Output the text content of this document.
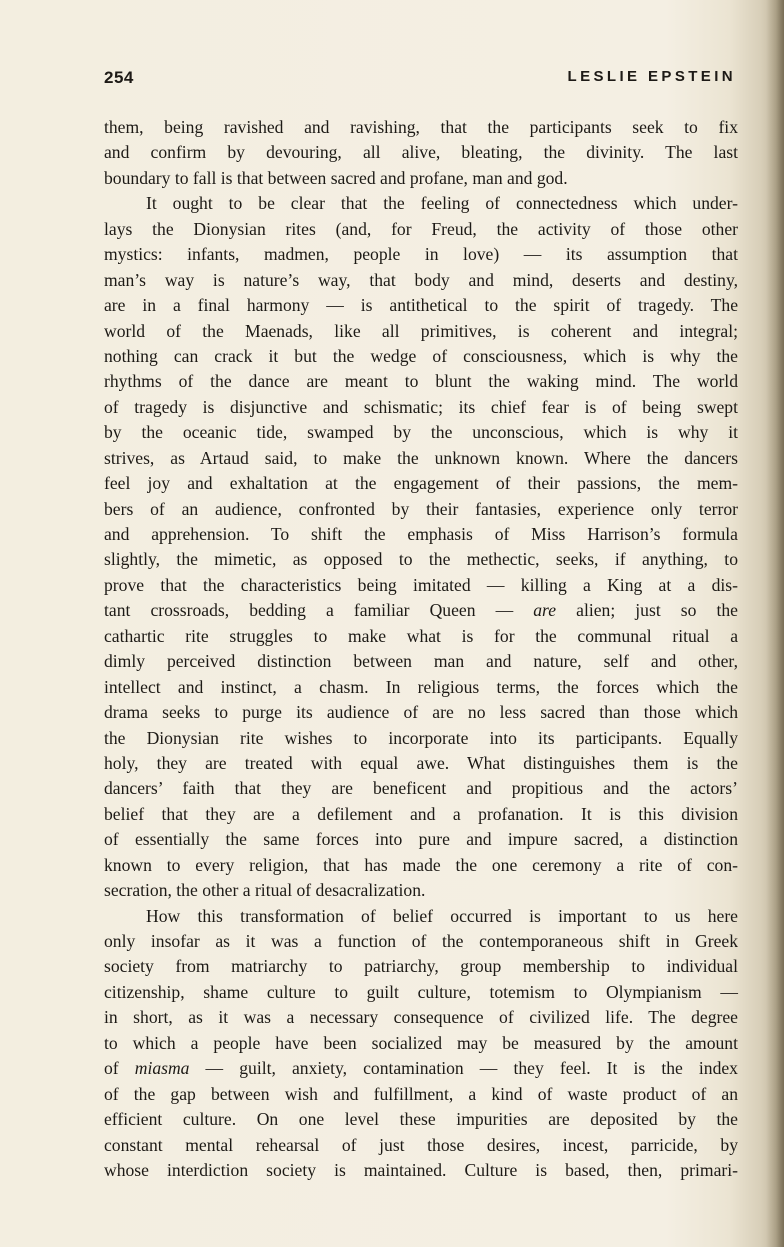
254	LESLIE EPSTEIN
them, being ravished and ravishing, that the participants seek to fix
and confirm by devouring, all alive, bleating, the divinity. The last
boundary to fall is that between sacred and profane, man and god.
It ought to be clear that the feeling of connectedness which under-
lays the Dionysian rites (and, for Freud, the activity of those other
mystics: infants, madmen, people in love) — its assumption that
man’s way is nature’s way, that body and mind, deserts and destiny,
are in a final harmony — is antithetical to the spirit of tragedy. The
world of the Maenads, like all primitives, is coherent and integral;
nothing can crack it but the wedge of consciousness, which is why the
rhythms of the dance are meant to blunt the waking mind. The world
of tragedy is disjunctive and schismatic; its chief fear is of being swept
by the oceanic tide, swamped by the unconscious, which is why it
strives, as Artaud said, to make the unknown known. Where the dancers
feel joy and exhaltation at the engagement of their passions, the mem-
bers of an audience, confronted by their fantasies, experience only terror
and apprehension. To shift the emphasis of Miss Harrison’s formula
slightly, the mimetic, as opposed to the methectic, seeks, if anything, to
prove that the characteristics being imitated — killing a King at a dis-
tant crossroads, bedding a familiar Queen — are alien; just so the
cathartic rite struggles to make what is for the communal ritual a
dimly perceived distinction between man and nature, self and other,
intellect and instinct, a chasm. In religious terms, the forces which the
drama seeks to purge its audience of are no less sacred than those which
the Dionysian rite wishes to incorporate into its participants. Equally
holy, they are treated with equal awe. What distinguishes them is the
dancers’ faith that they are beneficent and propitious and the actors’
belief that they are a defilement and a profanation. It is this division
of essentially the same forces into pure and impure sacred, a distinction
known to every religion, that has made the one ceremony a rite of con-
secration, the other a ritual of desacralization.
How this transformation of belief occurred is important to us here
only insofar as it was a function of the contemporaneous shift in Greek
society from matriarchy to patriarchy, group membership to individual
citizenship, shame culture to guilt culture, totemism to Olympianism —
in short, as it was a necessary consequence of civilized life. The degree
to which a people have been socialized may be measured by the amount
of miasma — guilt, anxiety, contamination — they feel. It is the index
of the gap between wish and fulfillment, a kind of waste product of an
efficient culture. On one level these impurities are deposited by the
constant mental rehearsal of just those desires, incest, parricide, by
whose interdiction society is maintained. Culture is based, then, primari-
